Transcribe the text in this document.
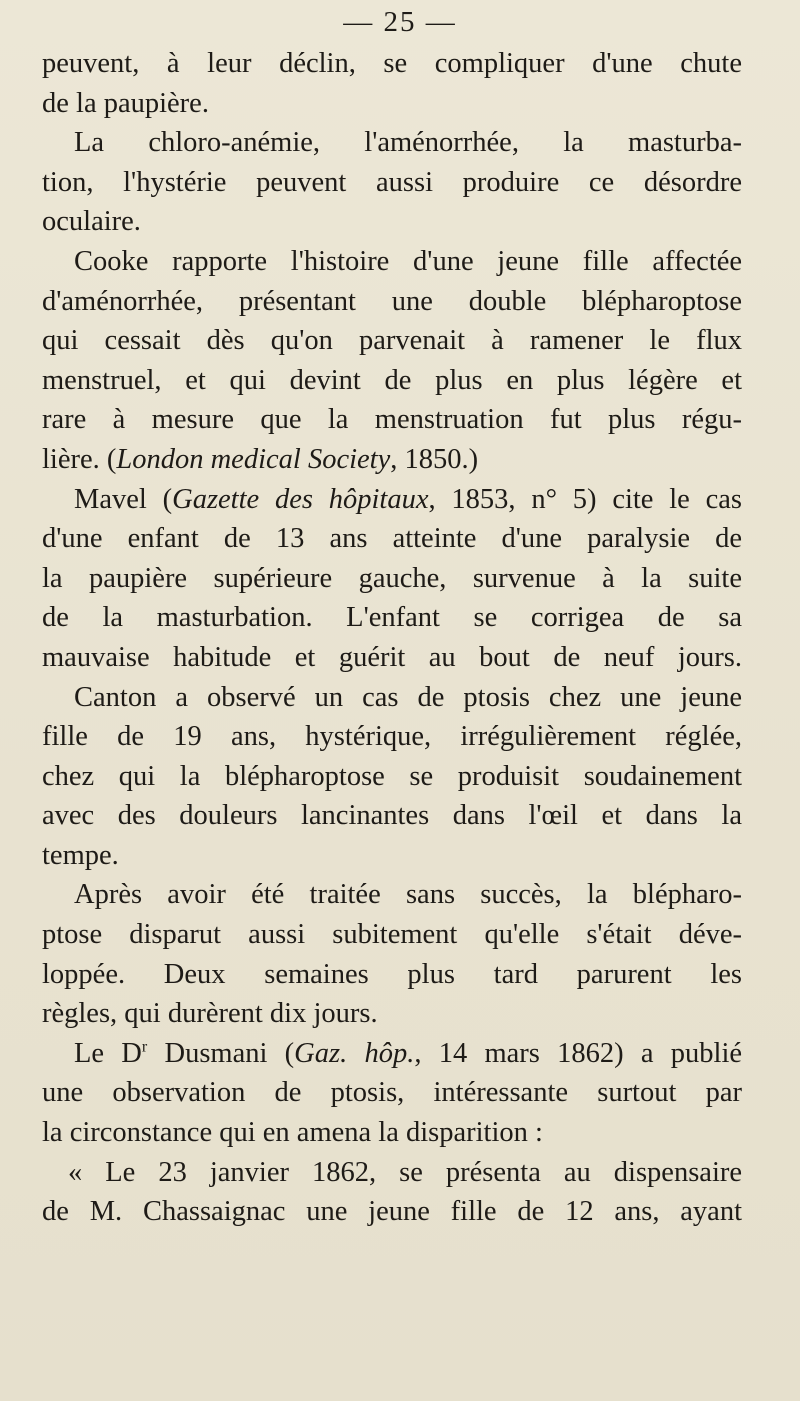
— 25 —
peuvent, à leur déclin, se compliquer d'une chute
de la paupière.
La chloro-anémie, l'aménorrhée, la masturba-
tion, l'hystérie peuvent aussi produire ce désordre
oculaire.
Cooke rapporte l'histoire d'une jeune fille affectée
d'aménorrhée, présentant une double blépharoptose
qui cessait dès qu'on parvenait à ramener le flux
menstruel, et qui devint de plus en plus légère et
rare à mesure que la menstruation fut plus régu-
lière. (London medical Society, 1850.)
Mavel (Gazette des hôpitaux, 1853, n° 5) cite le cas
d'une enfant de 13 ans atteinte d'une paralysie de
la paupière supérieure gauche, survenue à la suite
de la masturbation. L'enfant se corrigea de sa
mauvaise habitude et guérit au bout de neuf jours.
Canton a observé un cas de ptosis chez une jeune
fille de 19 ans, hystérique, irrégulièrement réglée,
chez qui la blépharoptose se produisit soudainement
avec des douleurs lancinantes dans l'œil et dans la
tempe.
Après avoir été traitée sans succès, la blépharo-
ptose disparut aussi subitement qu'elle s'était déve-
loppée. Deux semaines plus tard parurent les
règles, qui durèrent dix jours.
Le $D^r$ Dusmani (Gaz. hôp., 14 mars 1862) a publié
une observation de ptosis, intéressante surtout par
la circonstance qui en amena la disparition :
« Le 23 janvier 1862, se présenta au dispensaire
de M. Chassaignac une jeune fille de 12 ans, ayant
